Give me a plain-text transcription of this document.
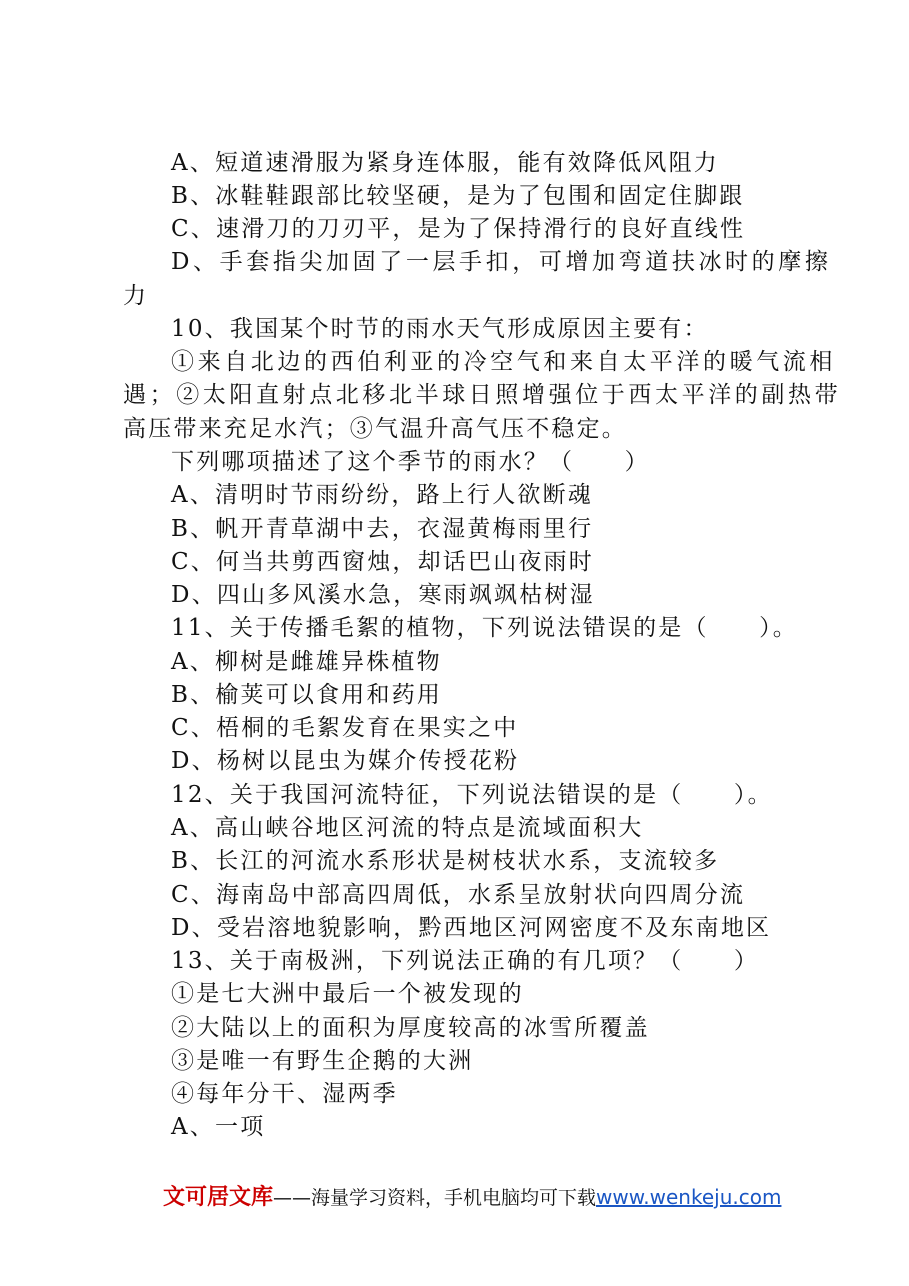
A、短道速滑服为紧身连体服，能有效降低风阻力
B、冰鞋鞋跟部比较坚硬，是为了包围和固定住脚跟
C、速滑刀的刀刃平，是为了保持滑行的良好直线性
D、手套指尖加固了一层手扣，可增加弯道扶冰时的摩擦
力
10、我国某个时节的雨水天气形成原因主要有：
①来自北边的西伯利亚的冷空气和来自太平洋的暖气流相
遇；②太阳直射点北移北半球日照增强位于西太平洋的副热带
高压带来充足水汽；③气温升高气压不稳定。
下列哪项描述了这个季节的雨水？（　　）
A、清明时节雨纷纷，路上行人欲断魂
B、帆开青草湖中去，衣湿黄梅雨里行
C、何当共剪西窗烛，却话巴山夜雨时
D、四山多风溪水急，寒雨飒飒枯树湿
11、关于传播毛絮的植物，下列说法错误的是（　　）。
A、柳树是雌雄异株植物
B、榆荚可以食用和药用
C、梧桐的毛絮发育在果实之中
D、杨树以昆虫为媒介传授花粉
12、关于我国河流特征，下列说法错误的是（　　）。
A、高山峡谷地区河流的特点是流域面积大
B、长江的河流水系形状是树枝状水系，支流较多
C、海南岛中部高四周低，水系呈放射状向四周分流
D、受岩溶地貌影响，黔西地区河网密度不及东南地区
13、关于南极洲，下列说法正确的有几项？（　　）
①是七大洲中最后一个被发现的
②大陆以上的面积为厚度较高的冰雪所覆盖
③是唯一有野生企鹅的大洲
④每年分干、湿两季
A、一项
文可居文库——海量学习资料，手机电脑均可下载www.wenkeju.com
